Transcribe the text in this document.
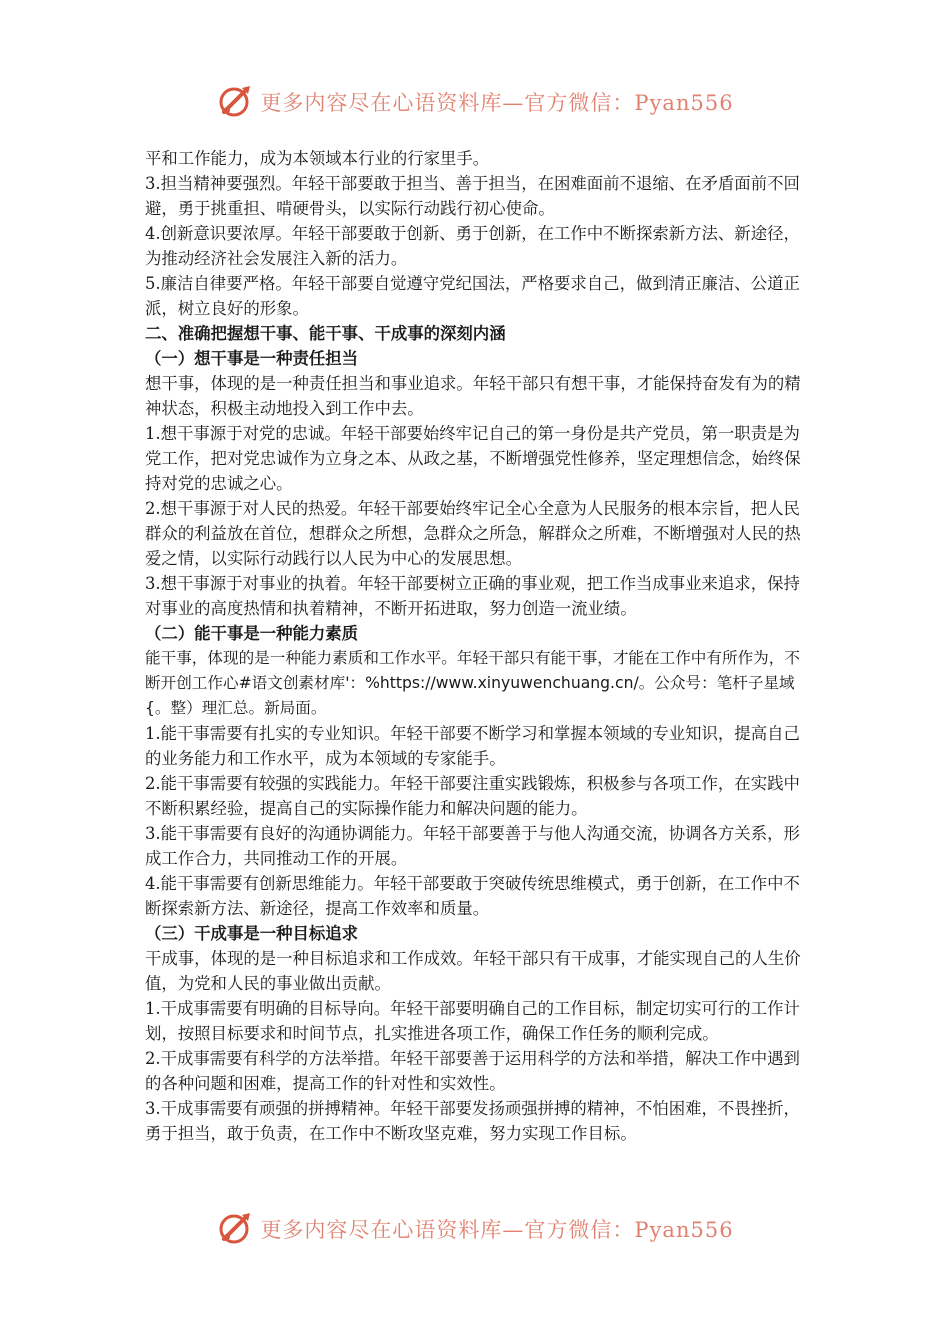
更多内容尽在心语资料库—官方微信：Pyan556

平和工作能力，成为本领域本行业的行家里手。

3.担当精神要强烈。年轻干部要敢于担当、善于担当，在困难面前不退缩、在矛盾面前不回避，勇于挑重担、啃硬骨头，以实际行动践行初心使命。

4.创新意识要浓厚。年轻干部要敢于创新、勇于创新，在工作中不断探索新方法、新途径，为推动经济社会发展注入新的活力。

5.廉洁自律要严格。年轻干部要自觉遵守党纪国法，严格要求自己，做到清正廉洁、公道正派，树立良好的形象。

二、准确把握想干事、能干事、干成事的深刻内涵

（一）想干事是一种责任担当

想干事，体现的是一种责任担当和事业追求。年轻干部只有想干事，才能保持奋发有为的精神状态，积极主动地投入到工作中去。

1.想干事源于对党的忠诚。年轻干部要始终牢记自己的第一身份是共产党员，第一职责是为党工作，把对党忠诚作为立身之本、从政之基，不断增强党性修养，坚定理想信念，始终保持对党的忠诚之心。

2.想干事源于对人民的热爱。年轻干部要始终牢记全心全意为人民服务的根本宗旨，把人民群众的利益放在首位，想群众之所想，急群众之所急，解群众之所难，不断增强对人民的热爱之情，以实际行动践行以人民为中心的发展思想。

3.想干事源于对事业的执着。年轻干部要树立正确的事业观，把工作当成事业来追求，保持对事业的高度热情和执着精神，不断开拓进取，努力创造一流业绩。

（二）能干事是一种能力素质

能干事，体现的是一种能力素质和工作水平。年轻干部只有能干事，才能在工作中有所作为，不断开创工作心#语文创素材库'：%https://www.xinyuwenchuang.cn/。公众号：笔杆子星域{。整）理汇总。新局面。

1.能干事需要有扎实的专业知识。年轻干部要不断学习和掌握本领域的专业知识，提高自己的业务能力和工作水平，成为本领域的专家能手。

2.能干事需要有较强的实践能力。年轻干部要注重实践锻炼，积极参与各项工作，在实践中不断积累经验，提高自己的实际操作能力和解决问题的能力。

3.能干事需要有良好的沟通协调能力。年轻干部要善于与他人沟通交流，协调各方关系，形成工作合力，共同推动工作的开展。

4.能干事需要有创新思维能力。年轻干部要敢于突破传统思维模式，勇于创新，在工作中不断探索新方法、新途径，提高工作效率和质量。

（三）干成事是一种目标追求

干成事，体现的是一种目标追求和工作成效。年轻干部只有干成事，才能实现自己的人生价值，为党和人民的事业做出贡献。

1.干成事需要有明确的目标导向。年轻干部要明确自己的工作目标，制定切实可行的工作计划，按照目标要求和时间节点，扎实推进各项工作，确保工作任务的顺利完成。

2.干成事需要有科学的方法举措。年轻干部要善于运用科学的方法和举措，解决工作中遇到的各种问题和困难，提高工作的针对性和实效性。

3.干成事需要有顽强的拼搏精神。年轻干部要发扬顽强拼搏的精神，不怕困难，不畏挫折，勇于担当，敢于负责，在工作中不断攻坚克难，努力实现工作目标。

更多内容尽在心语资料库—官方微信：Pyan556
